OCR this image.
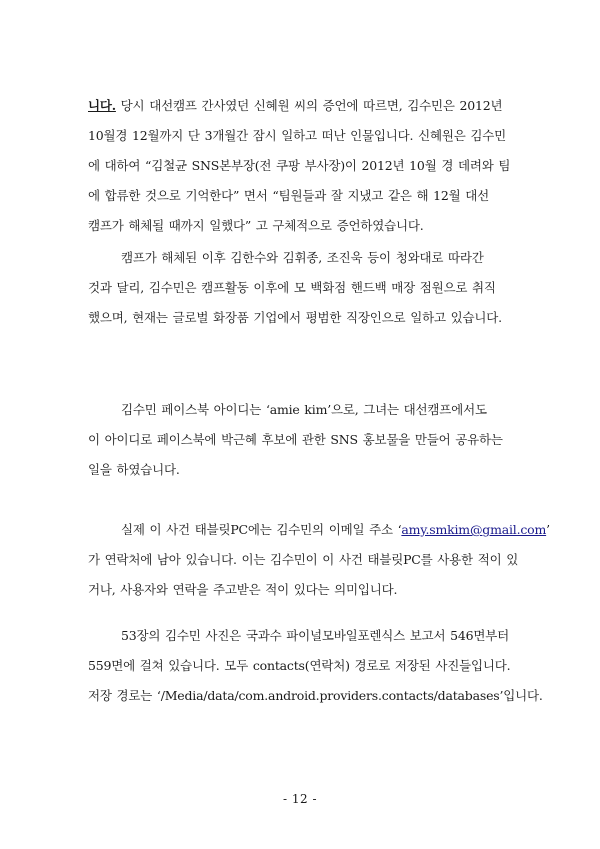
니다. 당시 대선캠프 간사였던 신혜원 씨의 증언에 따르면, 김수민은 2012년
10월경 12월까지 단 3개월간 잠시 일하고 떠난 인물입니다. 신혜원은 김수민
에 대하여 “김철균 SNS본부장(전 쿠팡 부사장)이 2012년 10월 경 데려와 팀
에 합류한 것으로 기억한다” 면서 “팀원들과 잘 지냈고 같은 해 12월 대선
캠프가 해체될 때까지 일했다” 고 구체적으로 증언하였습니다.
캠프가 해체된 이후 김한수와 김휘종, 조진욱 등이 청와대로 따라간
것과 달리, 김수민은 캠프활동 이후에 모 백화점 핸드백 매장 점원으로 취직
했으며, 현재는 글로벌 화장품 기업에서 평범한 직장인으로 일하고 있습니다.
김수민 페이스북 아이디는 ‘amie kim’으로, 그녀는 대선캠프에서도
이 아이디로 페이스북에 박근혜 후보에 관한 SNS 홍보물을 만들어 공유하는
일을 하였습니다.
실제 이 사건 태블릿PC에는 김수민의 이메일 주소 ‘amy.smkim@gmail.com’
가 연락처에 남아 있습니다. 이는 김수민이 이 사건 태블릿PC를 사용한 적이 있
거나, 사용자와 연락을 주고받은 적이 있다는 의미입니다.
53장의 김수민 사진은 국과수 파이널모바일포렌식스 보고서 546면부터
559면에 걸쳐 있습니다. 모두 contacts(연락처) 경로로 저장된 사진들입니다.
저장 경로는 ‘/Media/data/com.android.providers.contacts/databases’입니다.
- 12 -
